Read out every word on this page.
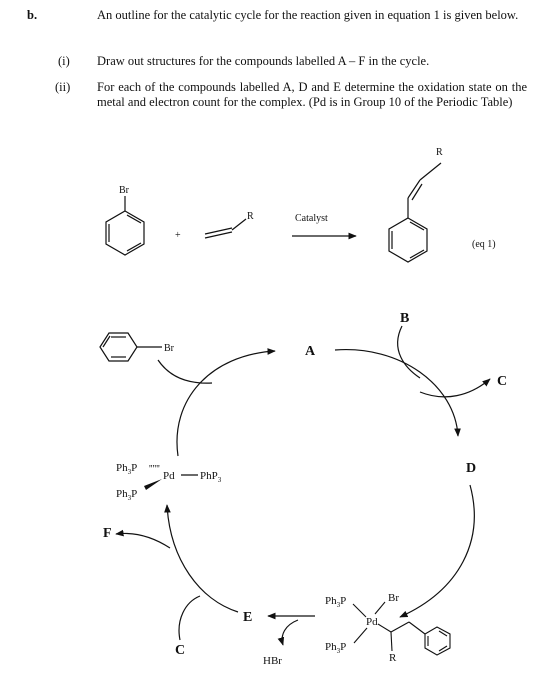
b.	An outline for the catalytic cycle for the reaction given in equation 1 is given below.
(i) Draw out structures for the compounds labelled A – F in the cycle.
(ii) For each of the compounds labelled A, D and E determine the oxidation state on the metal and electron count for the complex. (Pd is in Group 10 of the Periodic Table)
Br
+
R	Catalyst
R
(eq 1)
Br	A
B
C
D
$Ph_3P$ ''''''
Pd PhP$_3$
$Ph_3P$
F
C
E
HBr
$Ph_3P$	Br
Pd
$Ph_3P$
R
